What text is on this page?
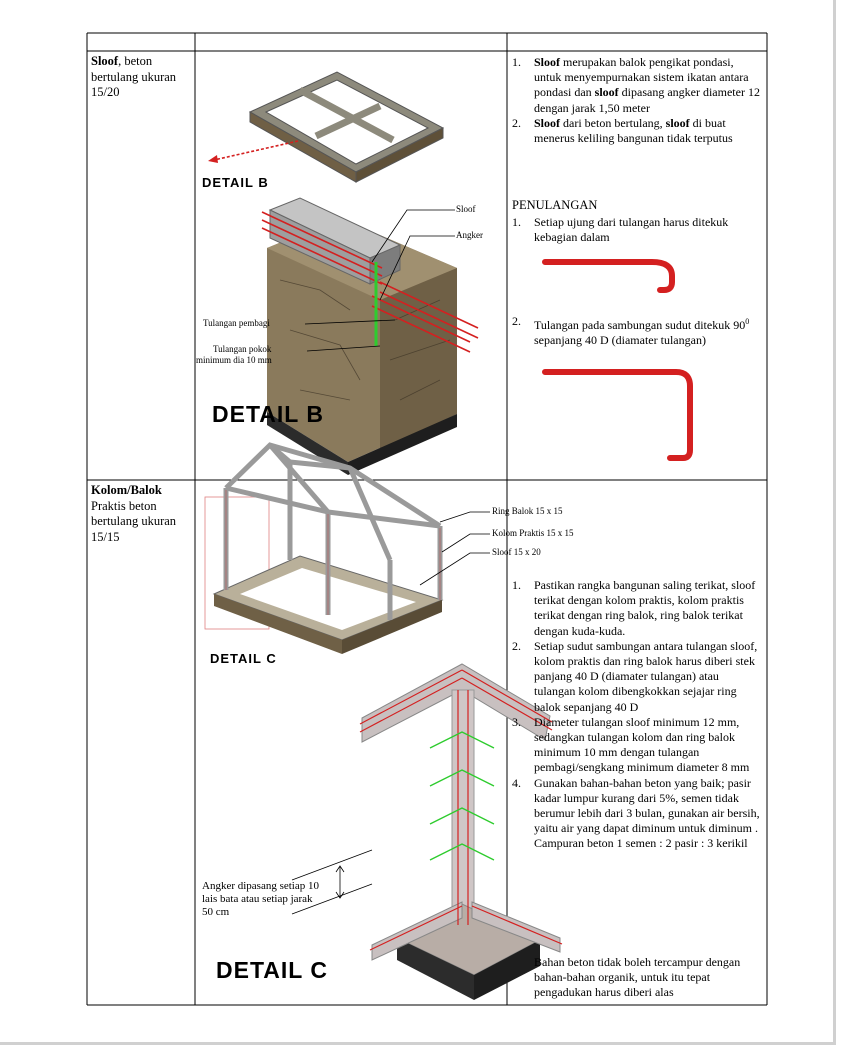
Sloof, beton bertulang ukuran 15/20
DETAIL B
DETAIL B
Sloof
Angker
Tulangan pembagi
Tulangan pokok
minimum dia 10 mm
1. Sloof merupakan balok pengikat pondasi, untuk menyempurnakan sistem ikatan antara pondasi dan sloof dipasang angker diameter 12 dengan jarak 1,50 meter
2. Sloof dari beton bertulang, sloof di buat menerus keliling bangunan tidak terputus
PENULANGAN
1. Setiap ujung dari tulangan harus ditekuk kebagian dalam
2. Tulangan pada sambungan sudut ditekuk $90^0$ sepanjang 40 D (diamater tulangan)
Kolom/Balok
Praktis beton bertulang ukuran 15/15
Ring Balok 15 x 15
Kolom Praktis 15 x 15
Sloof 15 x 20
DETAIL C
DETAIL C
Angker dipasang setiap 10 lais bata atau setiap jarak 50 cm
1. Pastikan rangka bangunan saling terikat, sloof terikat dengan kolom praktis, kolom praktis terikat dengan ring balok, ring balok terikat dengan kuda-kuda.
2. Setiap sudut sambungan antara tulangan sloof, kolom praktis dan ring balok harus diberi stek panjang 40 D (diamater tulangan) atau tulangan kolom dibengkokkan sejajar ring balok sepanjang 40 D
3. Diameter tulangan sloof minimum 12 mm, sedangkan tulangan kolom dan ring balok minimum 10 mm dengan tulangan pembagi/sengkang minimum diameter 8 mm
4. Gunakan bahan-bahan beton yang baik; pasir kadar lumpur kurang dari 5%, semen tidak berumur lebih dari 3 bulan, gunakan air bersih, yaitu air yang dapat diminum untuk diminum . Campuran beton 1 semen : 2 pasir : 3 kerikil
Bahan beton tidak boleh tercampur dengan bahan-bahan organik, untuk itu tepat pengadukan harus diberi alas
